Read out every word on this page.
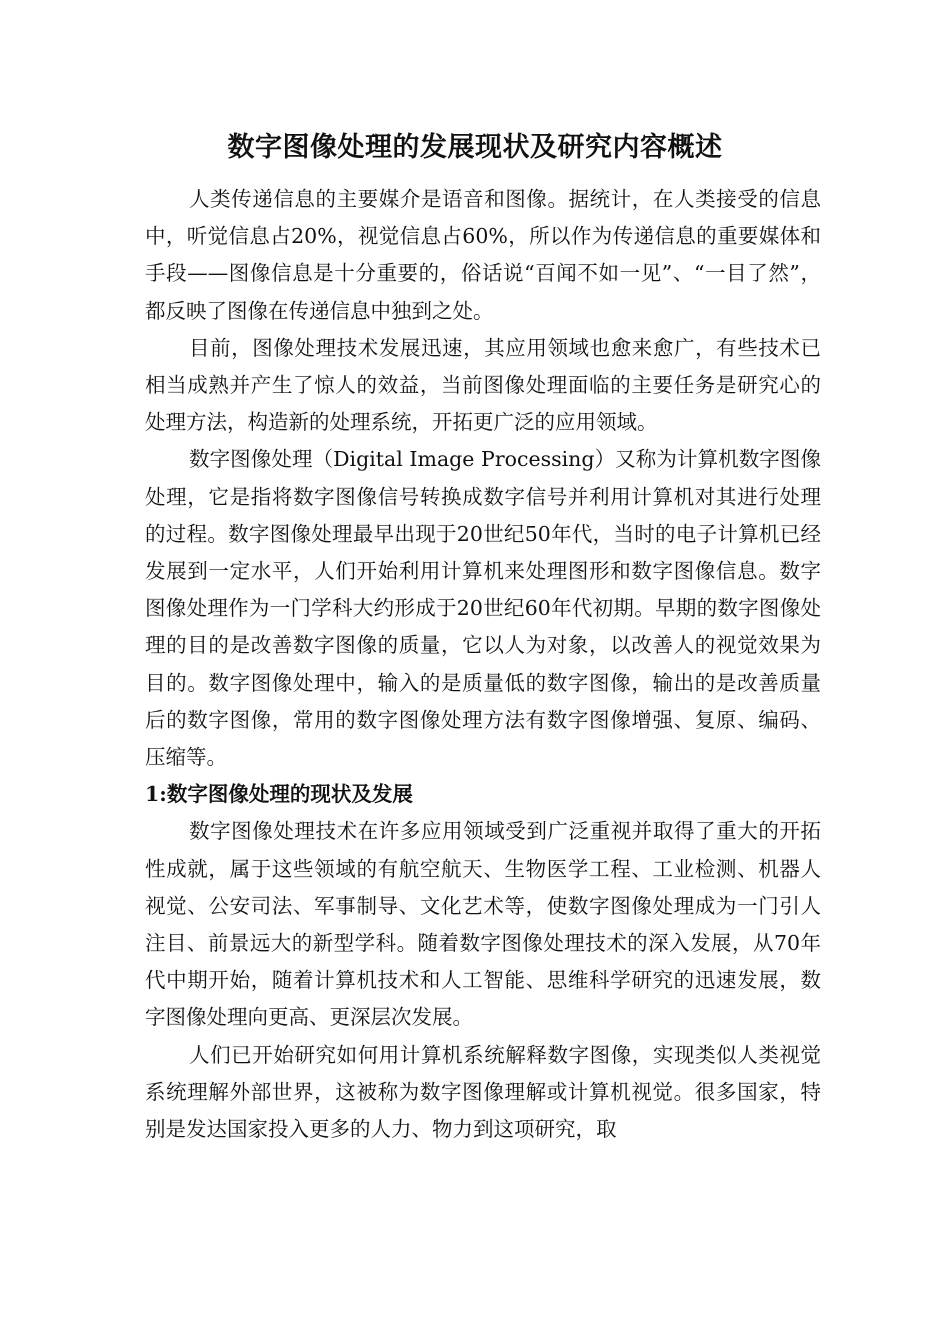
数字图像处理的发展现状及研究内容概述

人类传递信息的主要媒介是语音和图像。据统计，在人类接受的信息中，听觉信息占20%，视觉信息占60%，所以作为传递信息的重要媒体和手段——图像信息是十分重要的，俗话说“百闻不如一见”、“一目了然”，都反映了图像在传递信息中独到之处。

目前，图像处理技术发展迅速，其应用领域也愈来愈广，有些技术已相当成熟并产生了惊人的效益，当前图像处理面临的主要任务是研究心的处理方法，构造新的处理系统，开拓更广泛的应用领域。

数字图像处理（Digital Image Processing）又称为计算机数字图像处理，它是指将数字图像信号转换成数字信号并利用计算机对其进行处理的过程。数字图像处理最早出现于20世纪50年代，当时的电子计算机已经发展到一定水平，人们开始利用计算机来处理图形和数字图像信息。数字图像处理作为一门学科大约形成于20世纪60年代初期。早期的数字图像处理的目的是改善数字图像的质量，它以人为对象，以改善人的视觉效果为目的。数字图像处理中，输入的是质量低的数字图像，输出的是改善质量后的数字图像，常用的数字图像处理方法有数字图像增强、复原、编码、压缩等。

1:数字图像处理的现状及发展

数字图像处理技术在许多应用领域受到广泛重视并取得了重大的开拓性成就，属于这些领域的有航空航天、生物医学工程、工业检测、机器人视觉、公安司法、军事制导、文化艺术等，使数字图像处理成为一门引人注目、前景远大的新型学科。随着数字图像处理技术的深入发展，从70年代中期开始，随着计算机技术和人工智能、思维科学研究的迅速发展，数字图像处理向更高、更深层次发展。

人们已开始研究如何用计算机系统解释数字图像，实现类似人类视觉系统理解外部世界，这被称为数字图像理解或计算机视觉。很多国家，特别是发达国家投入更多的人力、物力到这项研究，取
